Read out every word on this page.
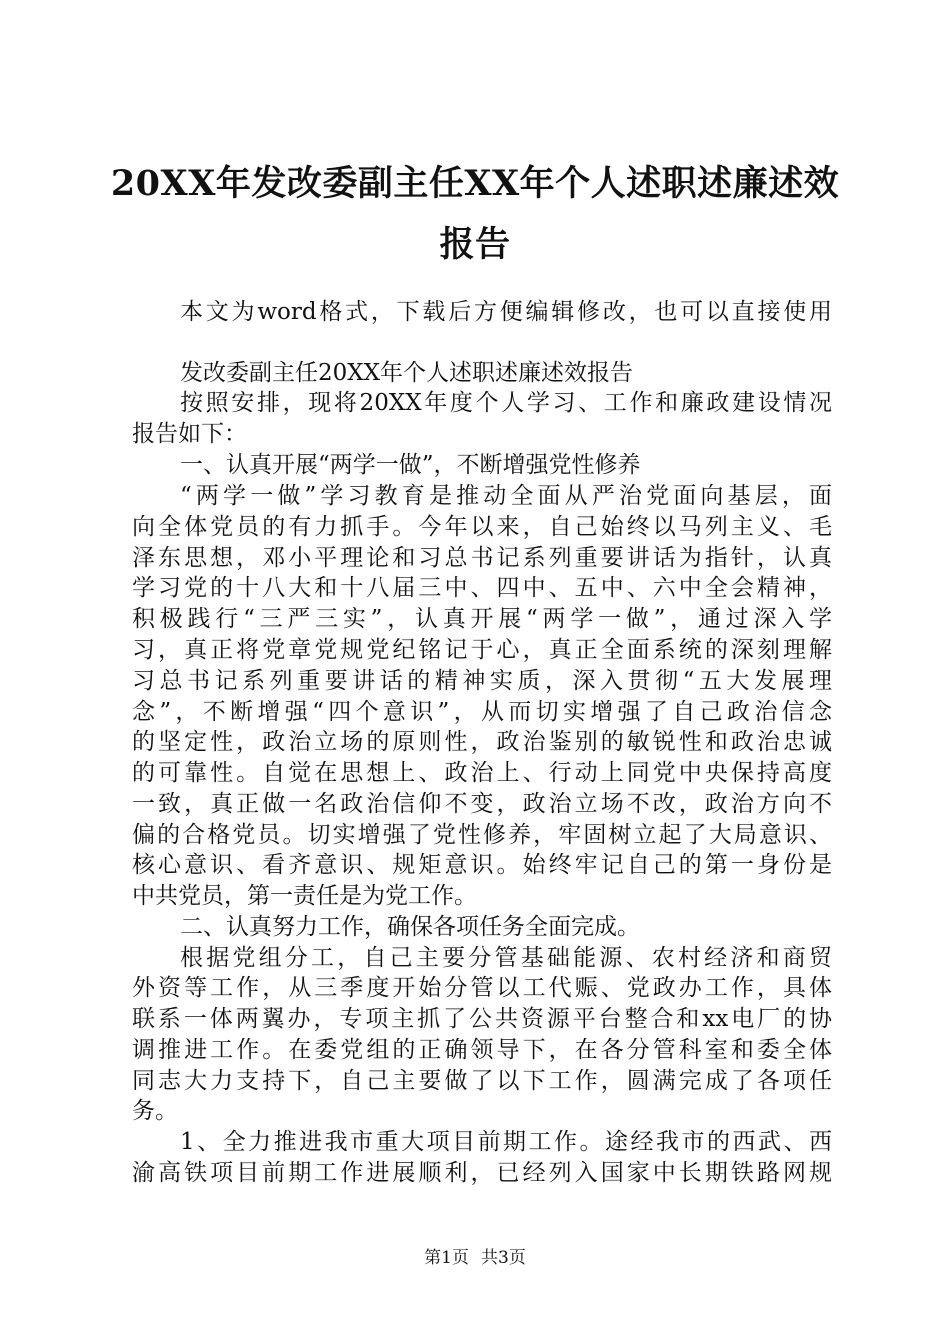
20XX年发改委副主任XX年个人述职述廉述效
报告
本文为word格式，下载后方便编辑修改，也可以直接使用
发改委副主任20XX年个人述职述廉述效报告
按照安排，现将20XX年度个人学习、工作和廉政建设情况
报告如下：
一、认真开展“两学一做”，不断增强党性修养
“两学一做”学习教育是推动全面从严治党面向基层，面
向全体党员的有力抓手。今年以来，自己始终以马列主义、毛
泽东思想，邓小平理论和习总书记系列重要讲话为指针，认真
学习党的十八大和十八届三中、四中、五中、六中全会精神，
积极践行“三严三实”，认真开展“两学一做”，通过深入学
习，真正将党章党规党纪铭记于心，真正全面系统的深刻理解
习总书记系列重要讲话的精神实质，深入贯彻“五大发展理
念”，不断增强“四个意识”，从而切实增强了自己政治信念
的坚定性，政治立场的原则性，政治鉴别的敏锐性和政治忠诚
的可靠性。自觉在思想上、政治上、行动上同党中央保持高度
一致，真正做一名政治信仰不变，政治立场不改，政治方向不
偏的合格党员。切实增强了党性修养，牢固树立起了大局意识、
核心意识、看齐意识、规矩意识。始终牢记自己的第一身份是
中共党员，第一责任是为党工作。
二、认真努力工作，确保各项任务全面完成。
根据党组分工，自己主要分管基础能源、农村经济和商贸
外资等工作，从三季度开始分管以工代赈、党政办工作，具体
联系一体两翼办，专项主抓了公共资源平台整合和xx电厂的协
调推进工作。在委党组的正确领导下，在各分管科室和委全体
同志大力支持下，自己主要做了以下工作，圆满完成了各项任
务。
1、全力推进我市重大项目前期工作。途经我市的西武、西
渝高铁项目前期工作进展顺利，已经列入国家中长期铁路网规
第1页 共3页
